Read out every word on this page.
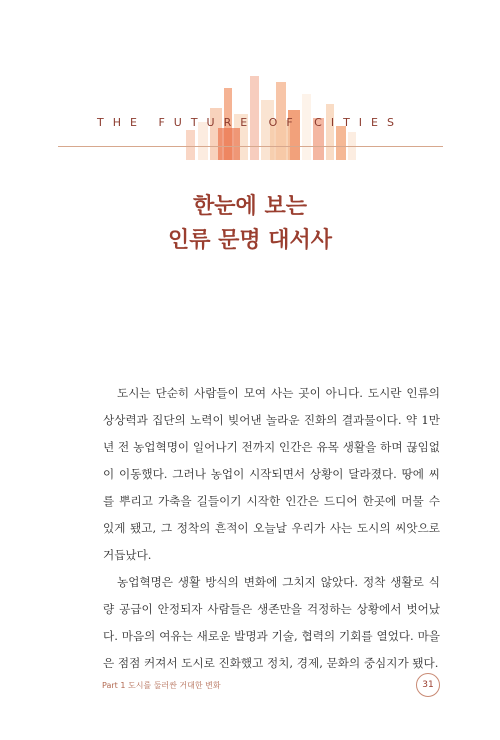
THE FUTURE OF CITIES
한눈에 보는
인류 문명 대서사

도시는 단순히 사람들이 모여 사는 곳이 아니다. 도시란 인류의 상상력과 집단의 노력이 빚어낸 놀라운 진화의 결과물이다. 약 1만 년 전 농업혁명이 일어나기 전까지 인간은 유목 생활을 하며 끊임없이 이동했다. 그러나 농업이 시작되면서 상황이 달라졌다. 땅에 씨를 뿌리고 가축을 길들이기 시작한 인간은 드디어 한곳에 머물 수 있게 됐고, 그 정착의 흔적이 오늘날 우리가 사는 도시의 씨앗으로 거듭났다.

농업혁명은 생활 방식의 변화에 그치지 않았다. 정착 생활로 식량 공급이 안정되자 사람들은 생존만을 걱정하는 상황에서 벗어났다. 마음의 여유는 새로운 발명과 기술, 협력의 기회를 열었다. 마을은 점점 커져서 도시로 진화했고 정치, 경제, 문화의 중심지가 됐다.

Part 1 도시를 둘러싼 거대한 변화	31
